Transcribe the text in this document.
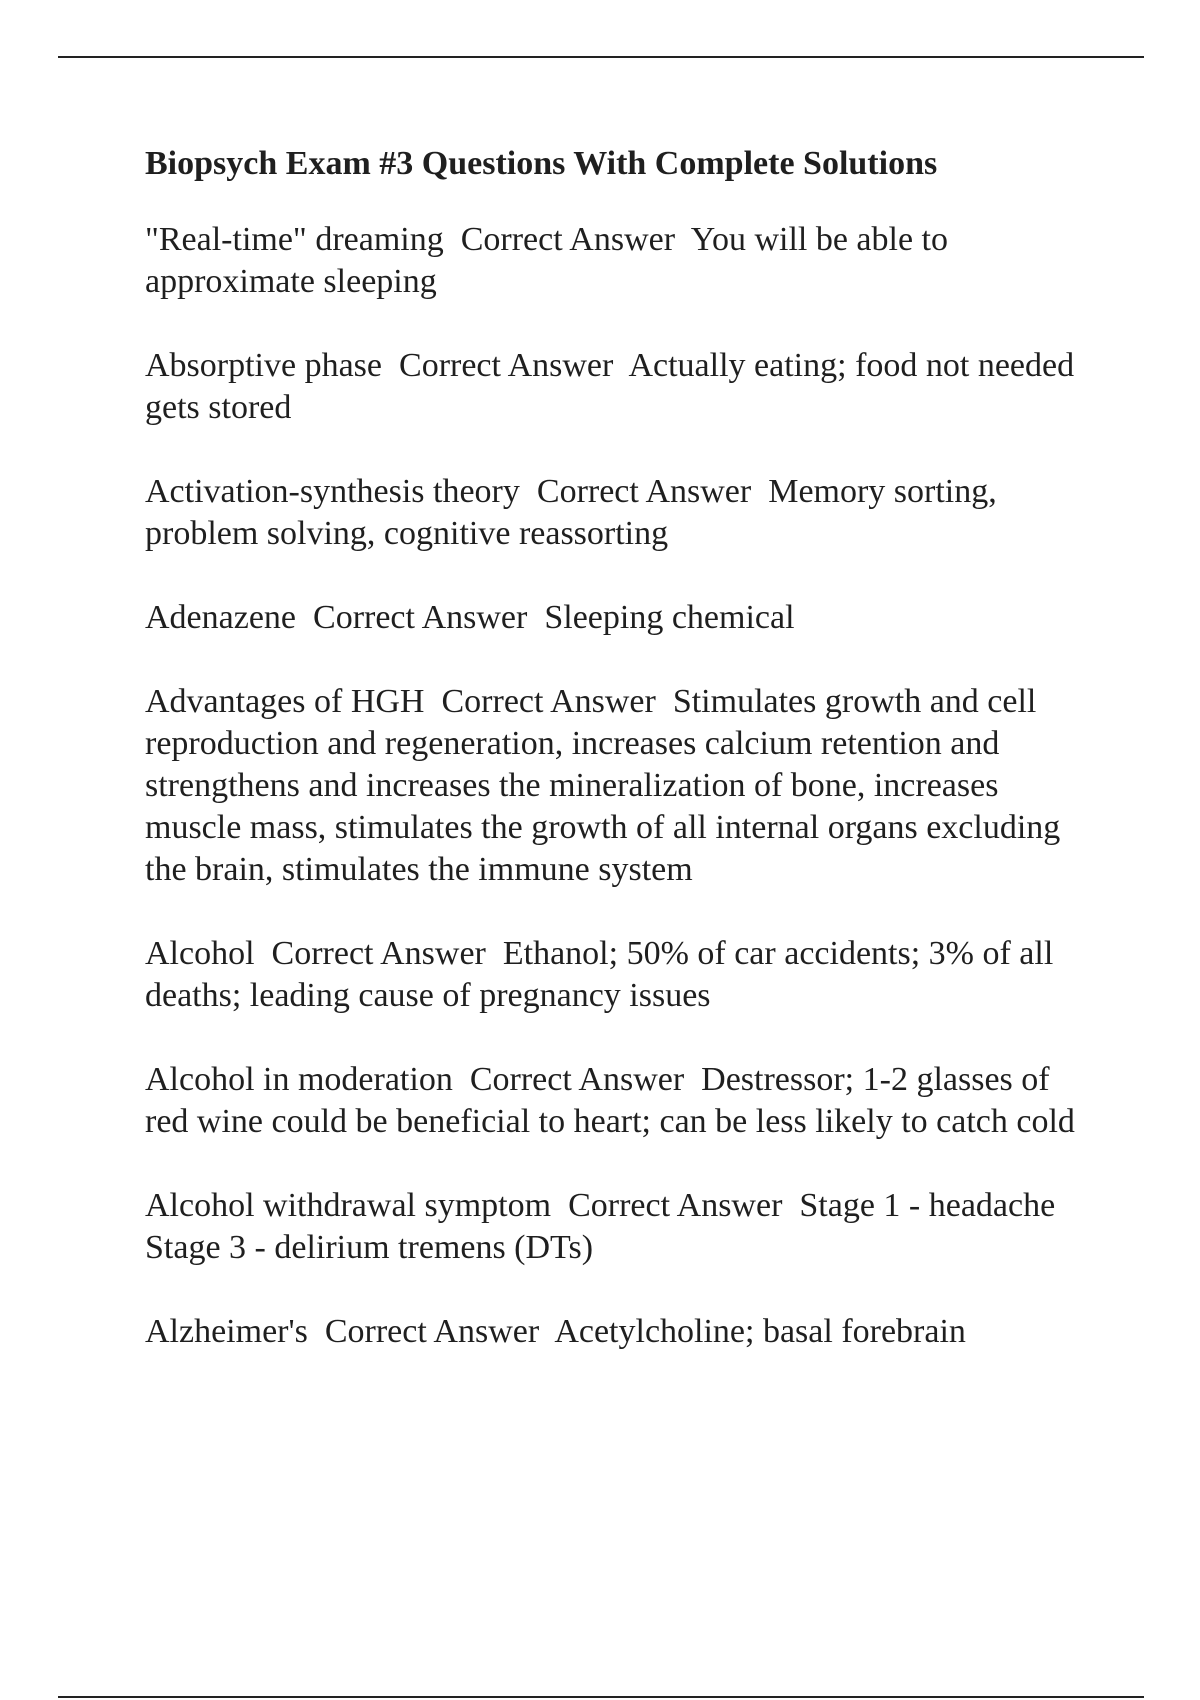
Biopsych Exam #3 Questions With Complete Solutions

"Real-time" dreaming Correct Answer You will be able to approximate sleeping

Absorptive phase Correct Answer Actually eating; food not needed gets stored

Activation-synthesis theory Correct Answer Memory sorting, problem solving, cognitive reassorting

Adenazene Correct Answer Sleeping chemical

Advantages of HGH Correct Answer Stimulates growth and cell reproduction and regeneration, increases calcium retention and strengthens and increases the mineralization of bone, increases muscle mass, stimulates the growth of all internal organs excluding the brain, stimulates the immune system

Alcohol Correct Answer Ethanol; 50% of car accidents; 3% of all deaths; leading cause of pregnancy issues

Alcohol in moderation Correct Answer Destressor; 1-2 glasses of red wine could be beneficial to heart; can be less likely to catch cold

Alcohol withdrawal symptom Correct Answer Stage 1 - headache
Stage 3 - delirium tremens (DTs)

Alzheimer's Correct Answer Acetylcholine; basal forebrain
